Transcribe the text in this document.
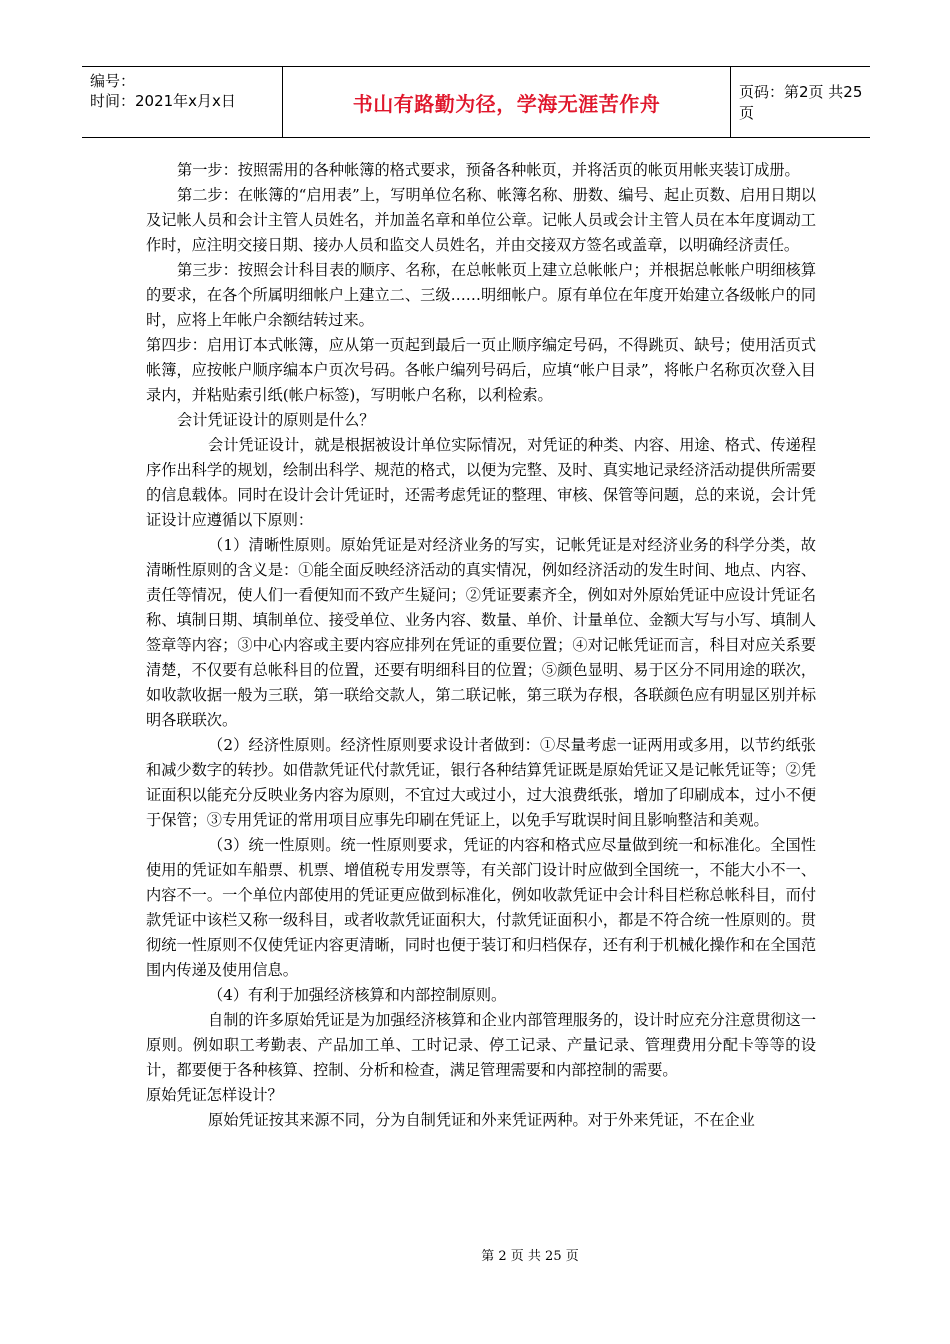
编号：
时间：2021年x月x日	书山有路勤为径，学海无涯苦作舟	页码：第2页 共25页

第一步：按照需用的各种帐簿的格式要求，预备各种帐页，并将活页的帐页用帐夹装订成册。

第二步：在帐簿的“启用表”上，写明单位名称、帐簿名称、册数、编号、起止页数、启用日期以及记帐人员和会计主管人员姓名，并加盖名章和单位公章。记帐人员或会计主管人员在本年度调动工作时，应注明交接日期、接办人员和监交人员姓名，并由交接双方签名或盖章，以明确经济责任。

第三步：按照会计科目表的顺序、名称，在总帐帐页上建立总帐帐户；并根据总帐帐户明细核算的要求，在各个所属明细帐户上建立二、三级……明细帐户。原有单位在年度开始建立各级帐户的同时，应将上年帐户余额结转过来。

第四步：启用订本式帐簿，应从第一页起到最后一页止顺序编定号码，不得跳页、缺号；使用活页式帐簿，应按帐户顺序编本户页次号码。各帐户编列号码后，应填“帐户目录”，将帐户名称页次登入目录内，并粘贴索引纸(帐户标签)，写明帐户名称，以利检索。

会计凭证设计的原则是什么？

会计凭证设计，就是根据被设计单位实际情况，对凭证的种类、内容、用途、格式、传递程序作出科学的规划，绘制出科学、规范的格式，以便为完整、及时、真实地记录经济活动提供所需要的信息载体。同时在设计会计凭证时，还需考虑凭证的整理、审核、保管等问题，总的来说，会计凭证设计应遵循以下原则：

（1）清晰性原则。原始凭证是对经济业务的写实，记帐凭证是对经济业务的科学分类，故清晰性原则的含义是：①能全面反映经济活动的真实情况，例如经济活动的发生时间、地点、内容、责任等情况，使人们一看便知而不致产生疑问；②凭证要素齐全，例如对外原始凭证中应设计凭证名称、填制日期、填制单位、接受单位、业务内容、数量、单价、计量单位、金额大写与小写、填制人签章等内容；③中心内容或主要内容应排列在凭证的重要位置；④对记帐凭证而言，科目对应关系要清楚，不仅要有总帐科目的位置，还要有明细科目的位置；⑤颜色显明、易于区分不同用途的联次，如收款收据一般为三联，第一联给交款人，第二联记帐，第三联为存根，各联颜色应有明显区别并标明各联联次。

（2）经济性原则。经济性原则要求设计者做到：①尽量考虑一证两用或多用，以节约纸张和减少数字的转抄。如借款凭证代付款凭证，银行各种结算凭证既是原始凭证又是记帐凭证等；②凭证面积以能充分反映业务内容为原则，不宜过大或过小，过大浪费纸张，增加了印刷成本，过小不便于保管；③专用凭证的常用项目应事先印刷在凭证上，以免手写耽误时间且影响整洁和美观。

（3）统一性原则。统一性原则要求，凭证的内容和格式应尽量做到统一和标准化。全国性使用的凭证如车船票、机票、增值税专用发票等，有关部门设计时应做到全国统一，不能大小不一、内容不一。一个单位内部使用的凭证更应做到标准化，例如收款凭证中会计科目栏称总帐科目，而付款凭证中该栏又称一级科目，或者收款凭证面积大，付款凭证面积小，都是不符合统一性原则的。贯彻统一性原则不仅使凭证内容更清晰，同时也便于装订和归档保存，还有利于机械化操作和在全国范围内传递及使用信息。

（4）有利于加强经济核算和内部控制原则。

自制的许多原始凭证是为加强经济核算和企业内部管理服务的，设计时应充分注意贯彻这一原则。例如职工考勤表、产品加工单、工时记录、停工记录、产量记录、管理费用分配卡等等的设计，都要便于各种核算、控制、分析和检查，满足管理需要和内部控制的需要。

原始凭证怎样设计？

原始凭证按其来源不同，分为自制凭证和外来凭证两种。对于外来凭证，不在企业

第 2 页 共 25 页
